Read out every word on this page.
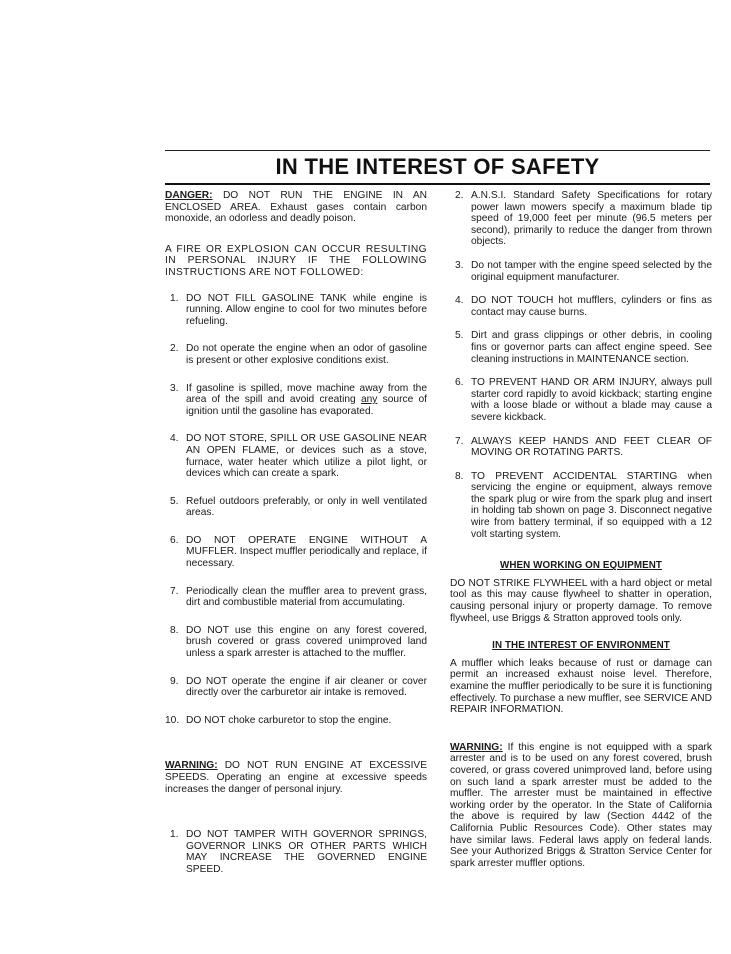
IN THE INTEREST OF SAFETY

DANGER: DO NOT RUN THE ENGINE IN AN ENCLOSED AREA. Exhaust gases contain carbon monoxide, an odorless and deadly poison.

A FIRE OR EXPLOSION CAN OCCUR RESULTING IN PERSONAL INJURY IF THE FOLLOWING INSTRUCTIONS ARE NOT FOLLOWED:

1. DO NOT FILL GASOLINE TANK while engine is running. Allow engine to cool for two minutes before refueling.
2. Do not operate the engine when an odor of gasoline is present or other explosive conditions exist.
3. If gasoline is spilled, move machine away from the area of the spill and avoid creating any source of ignition until the gasoline has evaporated.
4. DO NOT STORE, SPILL OR USE GASOLINE NEAR AN OPEN FLAME, or devices such as a stove, furnace, water heater which utilize a pilot light, or devices which can create a spark.
5. Refuel outdoors preferably, or only in well ventilated areas.
6. DO NOT OPERATE ENGINE WITHOUT A MUFFLER. Inspect muffler periodically and replace, if necessary.
7. Periodically clean the muffler area to prevent grass, dirt and combustible material from accumulating.
8. DO NOT use this engine on any forest covered, brush covered or grass covered unimproved land unless a spark arrester is attached to the muffler.
9. DO NOT operate the engine if air cleaner or cover directly over the carburetor air intake is removed.
10. DO NOT choke carburetor to stop the engine.

WARNING: DO NOT RUN ENGINE AT EXCESSIVE SPEEDS. Operating an engine at excessive speeds increases the danger of personal injury.

1. DO NOT TAMPER WITH GOVERNOR SPRINGS, GOVERNOR LINKS OR OTHER PARTS WHICH MAY INCREASE THE GOVERNED ENGINE SPEED.
2. A.N.S.I. Standard Safety Specifications for rotary power lawn mowers specify a maximum blade tip speed of 19,000 feet per minute (96.5 meters per second), primarily to reduce the danger from thrown objects.
3. Do not tamper with the engine speed selected by the original equipment manufacturer.
4. DO NOT TOUCH hot mufflers, cylinders or fins as contact may cause burns.
5. Dirt and grass clippings or other debris, in cooling fins or governor parts can affect engine speed. See cleaning instructions in MAINTENANCE section.
6. TO PREVENT HAND OR ARM INJURY, always pull starter cord rapidly to avoid kickback; starting engine with a loose blade or without a blade may cause a severe kickback.
7. ALWAYS KEEP HANDS AND FEET CLEAR OF MOVING OR ROTATING PARTS.
8. TO PREVENT ACCIDENTAL STARTING when servicing the engine or equipment, always remove the spark plug or wire from the spark plug and insert in holding tab shown on page 3. Disconnect negative wire from battery terminal, if so equipped with a 12 volt starting system.

WHEN WORKING ON EQUIPMENT

DO NOT STRIKE FLYWHEEL with a hard object or metal tool as this may cause flywheel to shatter in operation, causing personal injury or property damage. To remove flywheel, use Briggs & Stratton approved tools only.

IN THE INTEREST OF ENVIRONMENT

A muffler which leaks because of rust or damage can permit an increased exhaust noise level. Therefore, examine the muffler periodically to be sure it is functioning effectively. To purchase a new muffler, see SERVICE AND REPAIR INFORMATION.

WARNING: If this engine is not equipped with a spark arrester and is to be used on any forest covered, brush covered, or grass covered unimproved land, before using on such land a spark arrester must be added to the muffler. The arrester must be maintained in effective working order by the operator. In the State of California the above is required by law (Section 4442 of the California Public Resources Code). Other states may have similar laws. Federal laws apply on federal lands. See your Authorized Briggs & Stratton Service Center for spark arrester muffler options.
